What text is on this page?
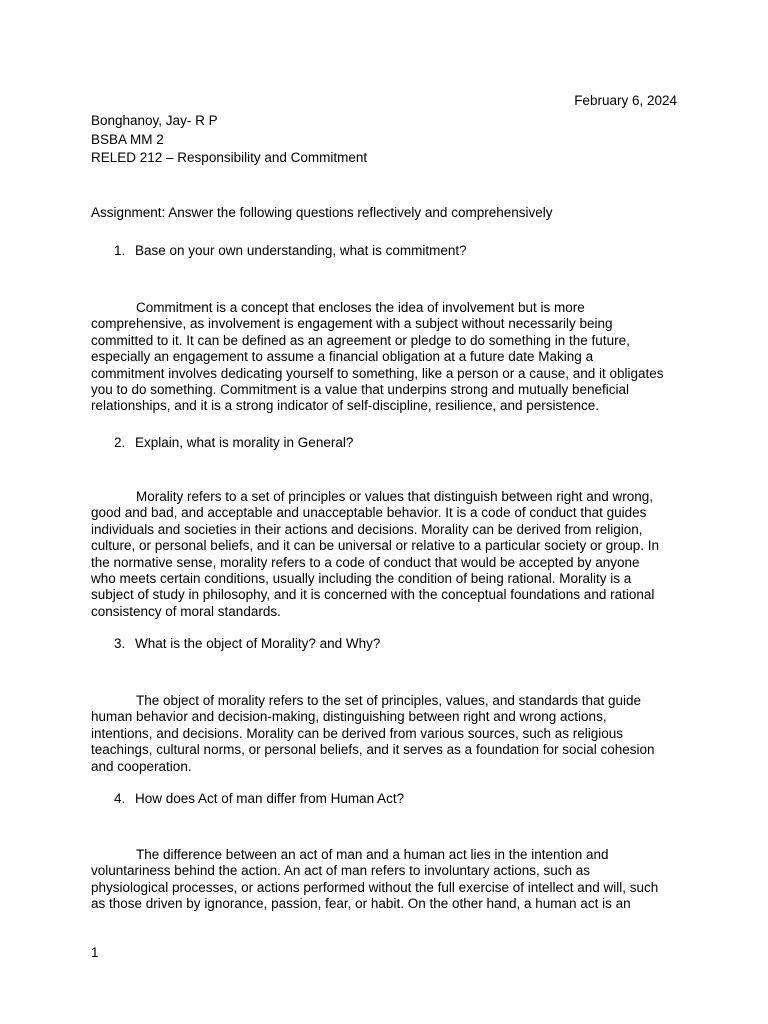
February 6, 2024
Bonghanoy, Jay- R P
BSBA MM 2
RELED 212 – Responsibility and Commitment
Assignment: Answer the following questions reflectively and comprehensively
1. Base on your own understanding, what is commitment?
Commitment is a concept that encloses the idea of involvement but is more
comprehensive, as involvement is engagement with a subject without necessarily being
committed to it. It can be defined as an agreement or pledge to do something in the future,
especially an engagement to assume a financial obligation at a future date Making a
commitment involves dedicating yourself to something, like a person or a cause, and it obligates
you to do something. Commitment is a value that underpins strong and mutually beneficial
relationships, and it is a strong indicator of self-discipline, resilience, and persistence.
2. Explain, what is morality in General?
Morality refers to a set of principles or values that distinguish between right and wrong,
good and bad, and acceptable and unacceptable behavior. It is a code of conduct that guides
individuals and societies in their actions and decisions. Morality can be derived from religion,
culture, or personal beliefs, and it can be universal or relative to a particular society or group. In
the normative sense, morality refers to a code of conduct that would be accepted by anyone
who meets certain conditions, usually including the condition of being rational. Morality is a
subject of study in philosophy, and it is concerned with the conceptual foundations and rational
consistency of moral standards.
3. What is the object of Morality? and Why?
The object of morality refers to the set of principles, values, and standards that guide
human behavior and decision-making, distinguishing between right and wrong actions,
intentions, and decisions. Morality can be derived from various sources, such as religious
teachings, cultural norms, or personal beliefs, and it serves as a foundation for social cohesion
and cooperation.
4. How does Act of man differ from Human Act?
The difference between an act of man and a human act lies in the intention and
voluntariness behind the action. An act of man refers to involuntary actions, such as
physiological processes, or actions performed without the full exercise of intellect and will, such
as those driven by ignorance, passion, fear, or habit. On the other hand, a human act is an
1
